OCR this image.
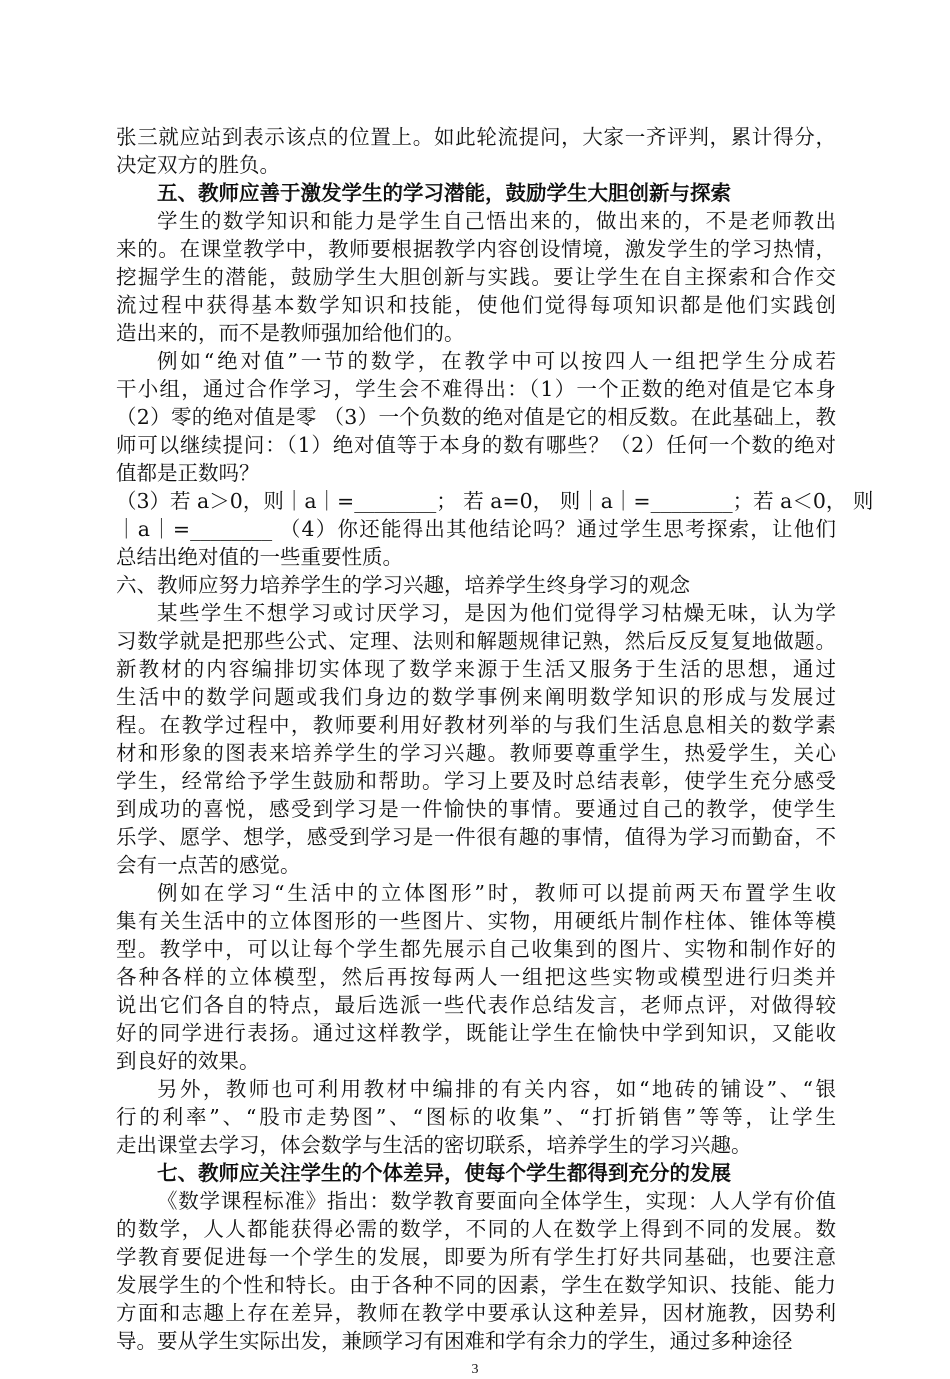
张三就应站到表示该点的位置上。如此轮流提问，大家一齐评判，累计得分，
决定双方的胜负。
五、教师应善于激发学生的学习潜能，鼓励学生大胆创新与探索
学生的数学知识和能力是学生自己悟出来的，做出来的，不是老师教出
来的。在课堂教学中，教师要根据教学内容创设情境，激发学生的学习热情，
挖掘学生的潜能，鼓励学生大胆创新与实践。要让学生在自主探索和合作交
流过程中获得基本数学知识和技能，使他们觉得每项知识都是他们实践创
造出来的，而不是教师强加给他们的。
例如“绝对值”一节的数学，在教学中可以按四人一组把学生分成若
干小组，通过合作学习，学生会不难得出：（1）一个正数的绝对值是它本身
（2）零的绝对值是零 （3）一个负数的绝对值是它的相反数。在此基础上，教
师可以继续提问：（1）绝对值等于本身的数有哪些？（2）任何一个数的绝对
值都是正数吗？
（3）若 a＞0，则｜a｜=________； 若 a=0， 则｜a｜=________；若 a＜0， 则
｜a｜=________ （4）你还能得出其他结论吗？通过学生思考探索，让他们
总结出绝对值的一些重要性质。
六、教师应努力培养学生的学习兴趣，培养学生终身学习的观念
某些学生不想学习或讨厌学习，是因为他们觉得学习枯燥无味，认为学
习数学就是把那些公式、定理、法则和解题规律记熟，然后反反复复地做题。
新教材的内容编排切实体现了数学来源于生活又服务于生活的思想，通过
生活中的数学问题或我们身边的数学事例来阐明数学知识的形成与发展过
程。在教学过程中，教师要利用好教材列举的与我们生活息息相关的数学素
材和形象的图表来培养学生的学习兴趣。教师要尊重学生，热爱学生，关心
学生，经常给予学生鼓励和帮助。学习上要及时总结表彰，使学生充分感受
到成功的喜悦，感受到学习是一件愉快的事情。要通过自己的教学，使学生
乐学、愿学、想学，感受到学习是一件很有趣的事情，值得为学习而勤奋，不
会有一点苦的感觉。
例如在学习“生活中的立体图形”时，教师可以提前两天布置学生收
集有关生活中的立体图形的一些图片、实物，用硬纸片制作柱体、锥体等模
型。教学中，可以让每个学生都先展示自己收集到的图片、实物和制作好的
各种各样的立体模型，然后再按每两人一组把这些实物或模型进行归类并
说出它们各自的特点，最后选派一些代表作总结发言，老师点评，对做得较
好的同学进行表扬。通过这样教学，既能让学生在愉快中学到知识，又能收
到良好的效果。
另外，教师也可利用教材中编排的有关内容，如“地砖的铺设”、“银
行的利率”、“股市走势图”、“图标的收集”、“打折销售”等等，让学生
走出课堂去学习，体会数学与生活的密切联系，培养学生的学习兴趣。
七、教师应关注学生的个体差异，使每个学生都得到充分的发展
《数学课程标准》指出：数学教育要面向全体学生，实现：人人学有价值
的数学，人人都能获得必需的数学，不同的人在数学上得到不同的发展。数
学教育要促进每一个学生的发展，即要为所有学生打好共同基础，也要注意
3
发展学生的个性和特长。由于各种不同的因素，学生在数学知识、技能、能力
方面和志趣上存在差异，教师在教学中要承认这种差异，因材施教，因势利
导。要从学生实际出发，兼顾学习有困难和学有余力的学生，通过多种途径
